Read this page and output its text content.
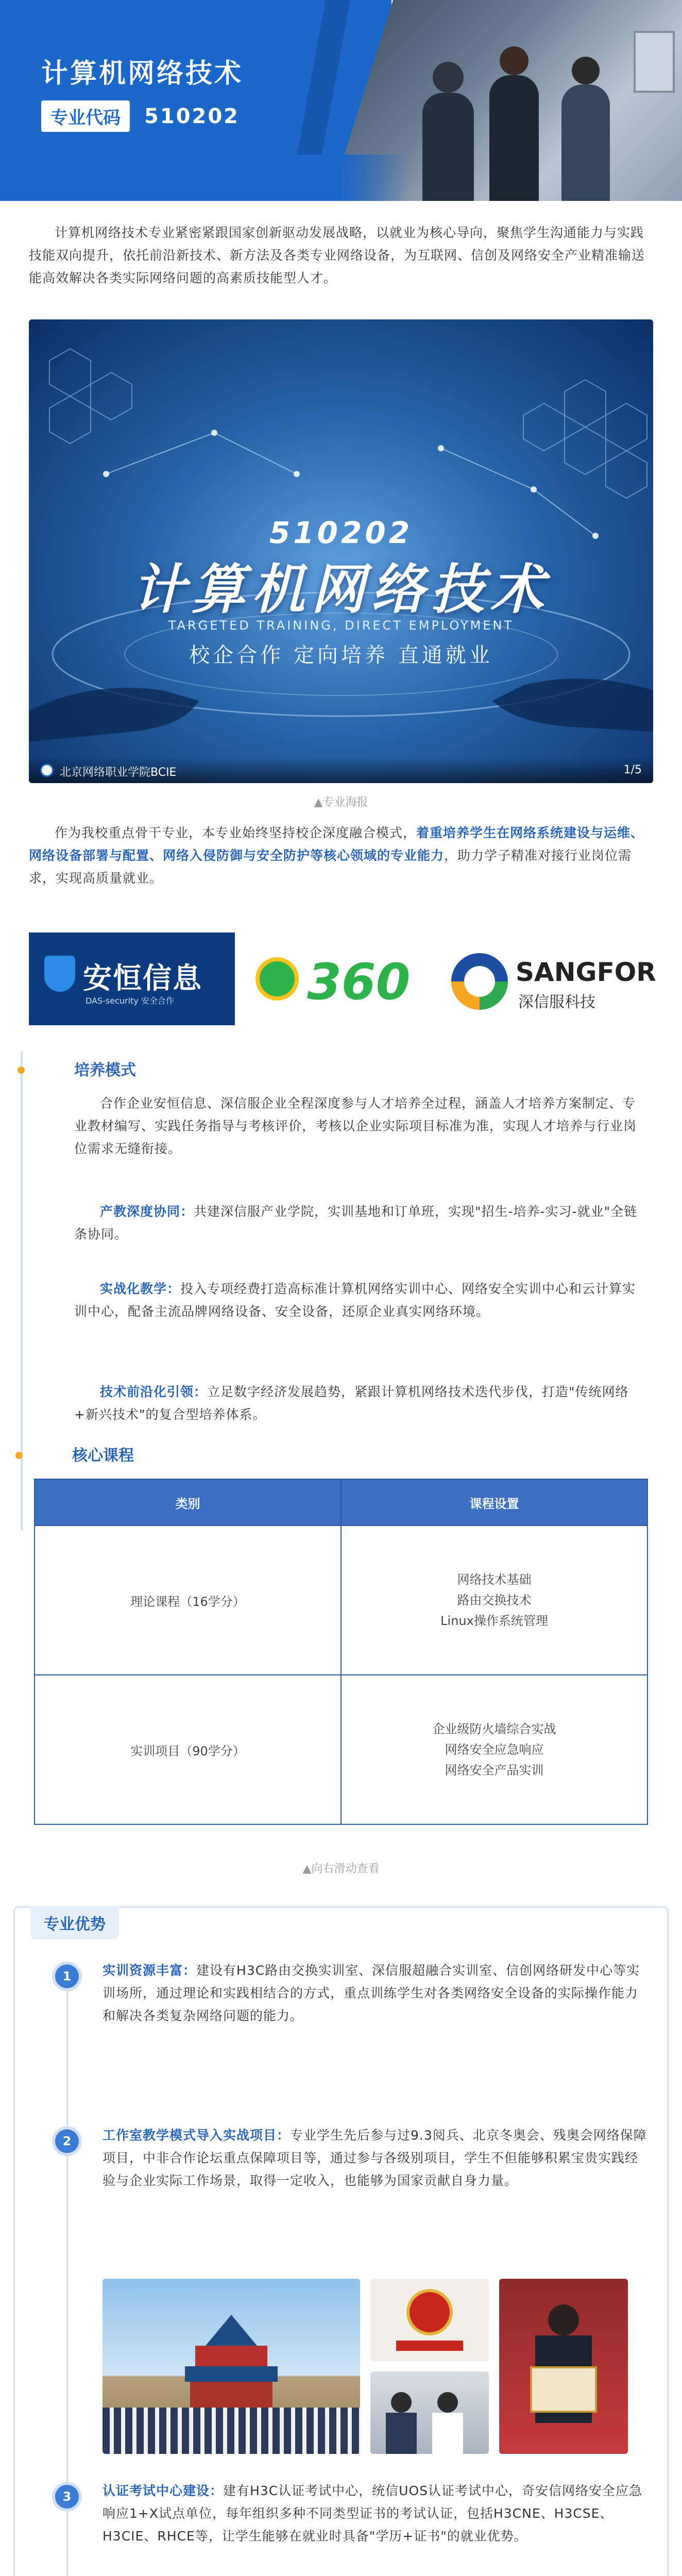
计算机网络技术
专业代码	510202
计算机网络技术专业紧密紧跟国家创新驱动发展战略，以就业为核心导向，聚焦学生沟通能力与实践技能双向提升，依托前沿新技术、新方法及各类专业网络设备，为互联网、信创及网络安全产业精准输送能高效解决各类实际网络问题的高素质技能型人才。
510202
计算机网络技术
TARGETED TRAINING, DIRECT EMPLOYMENT
校企合作 定向培养 直通就业
北京网络职业学院BCIE	1/5
▲专业海报
作为我校重点骨干专业，本专业始终坚持校企深度融合模式，着重培养学生在网络系统建设与运维、网络设备部署与配置、网络入侵防御与安全防护等核心领域的专业能力，助力学子精准对接行业岗位需求，实现高质量就业。
安恒信息
DAS-security 安全合作	360	SANGFOR
深信服科技
培养模式
合作企业安恒信息、深信服企业全程深度参与人才培养全过程，涵盖人才培养方案制定、专业教材编写、实践任务指导与考核评价，考核以企业实际项目标准为准，实现人才培养与行业岗位需求无缝衔接。
产教深度协同：共建深信服产业学院，实训基地和订单班，实现"招生-培养-实习-就业"全链条协同。
实战化教学：投入专项经费打造高标准计算机网络实训中心、网络安全实训中心和云计算实训中心，配备主流品牌网络设备、安全设备，还原企业真实网络环境。
技术前沿化引领：立足数字经济发展趋势，紧跟计算机网络技术迭代步伐，打造"传统网络+新兴技术"的复合型培养体系。
核心课程
类别	课程设置
理论课程（16学分）	网络技术基础
路由交换技术
Linux操作系统管理

实训项目（90学分）	企业级防火墙综合实战
网络安全应急响应
网络安全产品实训
▲向右滑动查看
专业优势
1	实训资源丰富：建设有H3C路由交换实训室、深信服超融合实训室、信创网络研发中心等实训场所，通过理论和实践相结合的方式，重点训练学生对各类网络安全设备的实际操作能力和解决各类复杂网络问题的能力。
2	工作室教学模式导入实战项目：专业学生先后参与过9.3阅兵、北京冬奥会、残奥会网络保障项目，中非合作论坛重点保障项目等，通过参与各级别项目，学生不但能够积累宝贵实践经验与企业实际工作场景，取得一定收入，也能够为国家贡献自身力量。
3	认证考试中心建设：建有H3C认证考试中心，统信UOS认证考试中心，奇安信网络安全应急响应1+X试点单位，每年组织多种不同类型证书的考试认证，包括H3CNE、H3CSE、H3CIE、RHCE等，让学生能够在就业时具备"学历+证书"的就业优势。
